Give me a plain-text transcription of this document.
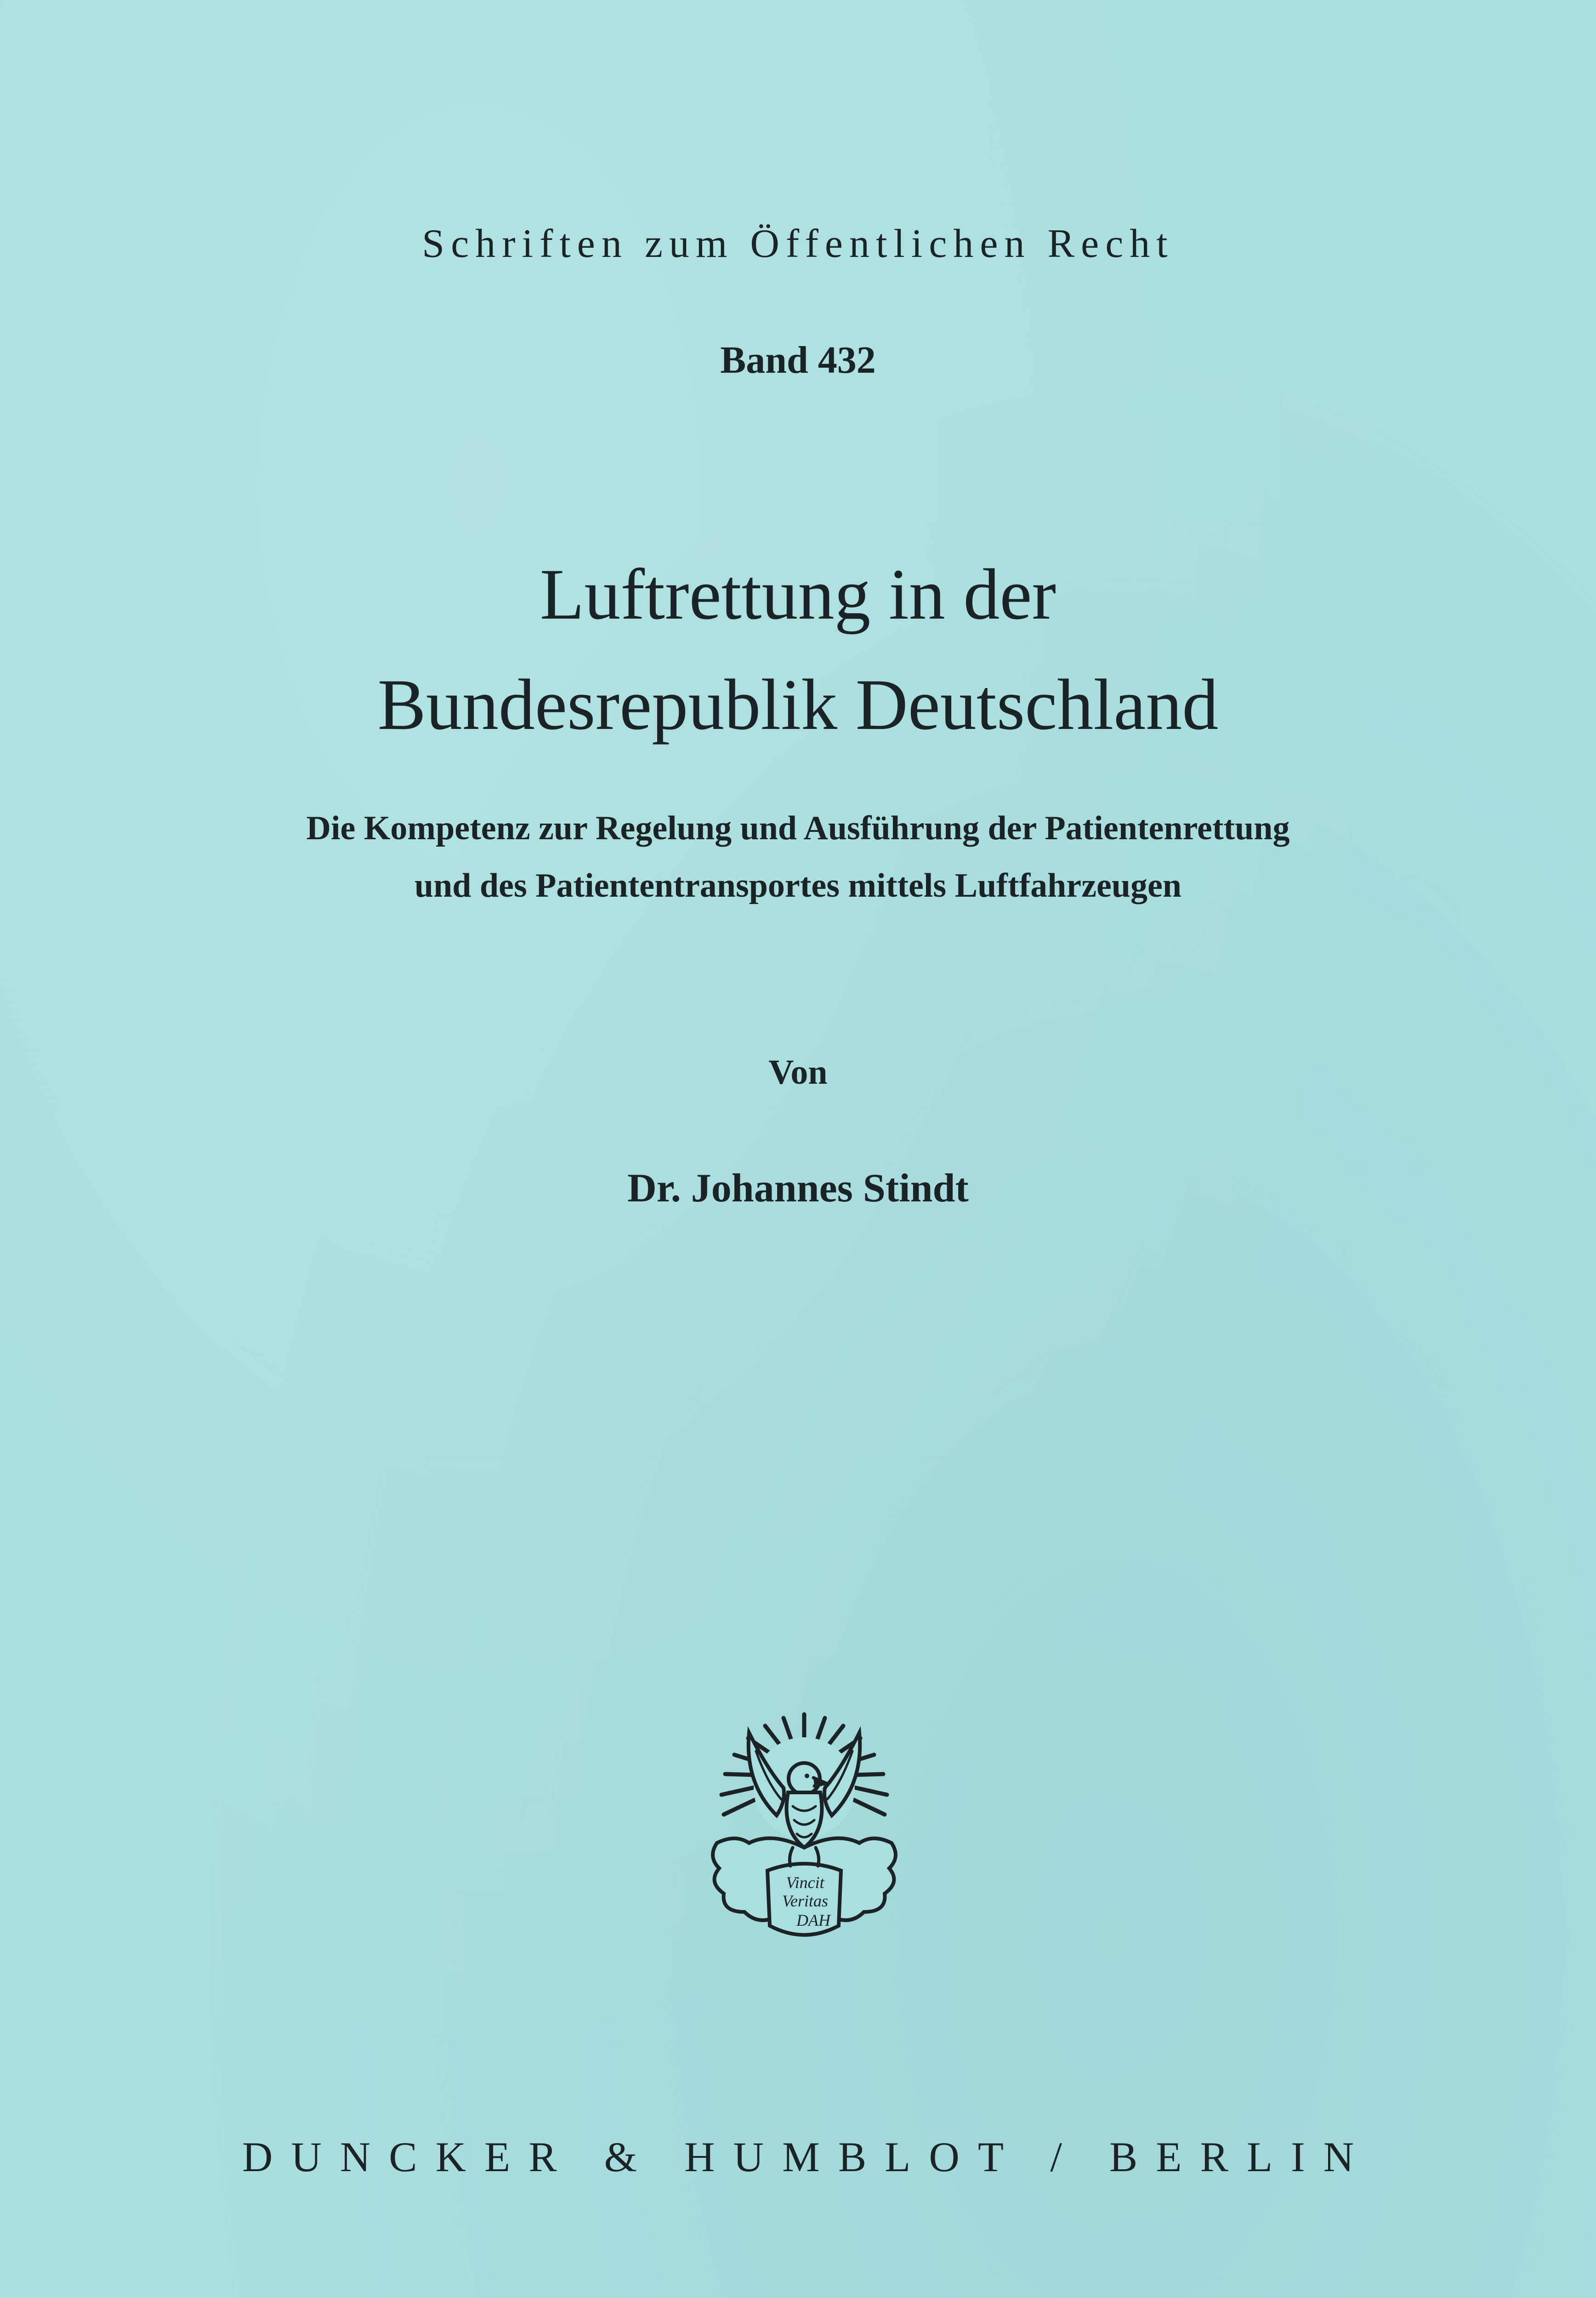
Schriften zum Öffentlichen Recht
Band 432
Luftrettung in der
Bundesrepublik Deutschland
Die Kompetenz zur Regelung und Ausführung der Patientenrettung
und des Patiententransportes mittels Luftfahrzeugen
Von
Dr. Johannes Stindt
Vincit
Veritas
DAH
DUNCKER & HUMBLOT / BERLIN
